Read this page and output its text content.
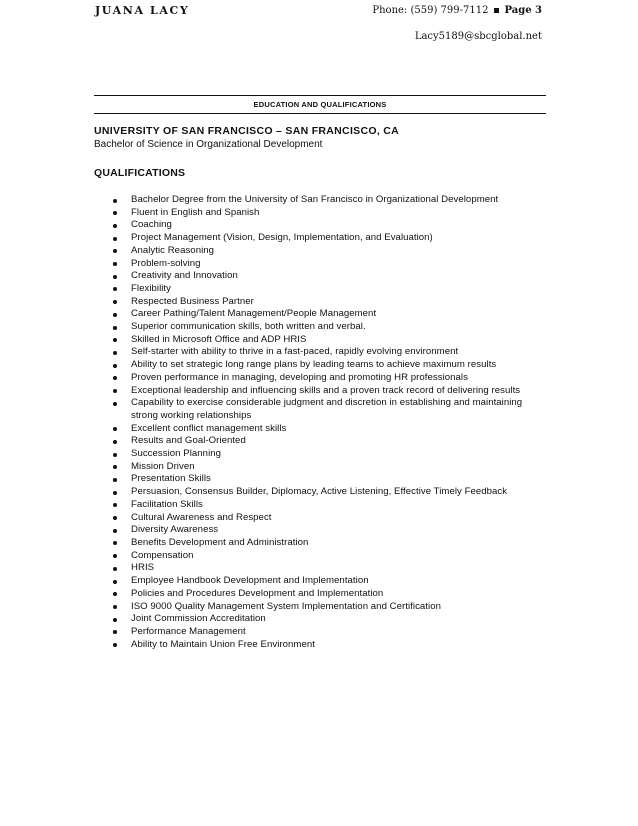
JUANA LACY	Phone: (559) 799-7112 Page 3
Lacy5189@sbcglobal.net
EDUCATION AND QUALIFICATIONS
UNIVERSITY OF SAN FRANCISCO – SAN FRANCISCO, CA
Bachelor of Science in Organizational Development
QUALIFICATIONS
Bachelor Degree from the University of San Francisco in Organizational Development
Fluent in English and Spanish
Coaching
Project Management (Vision, Design, Implementation, and Evaluation)
Analytic Reasoning
Problem-solving
Creativity and Innovation
Flexibility
Respected Business Partner
Career Pathing/Talent Management/People Management
Superior communication skills, both written and verbal.
Skilled in Microsoft Office and ADP HRIS
Self-starter with ability to thrive in a fast-paced, rapidly evolving environment
Ability to set strategic long range plans by leading teams to achieve maximum results
Proven performance in managing, developing and promoting HR professionals
Exceptional leadership and influencing skills and a proven track record of delivering results
Capability to exercise considerable judgment and discretion in establishing and maintaining strong working relationships
Excellent conflict management skills
Results and Goal-Oriented
Succession Planning
Mission Driven
Presentation Skills
Persuasion, Consensus Builder, Diplomacy, Active Listening, Effective Timely Feedback
Facilitation Skills
Cultural Awareness and Respect
Diversity Awareness
Benefits Development and Administration
Compensation
HRIS
Employee Handbook Development and Implementation
Policies and Procedures Development and Implementation
ISO 9000 Quality Management System Implementation and Certification
Joint Commission Accreditation
Performance Management
Ability to Maintain Union Free Environment
